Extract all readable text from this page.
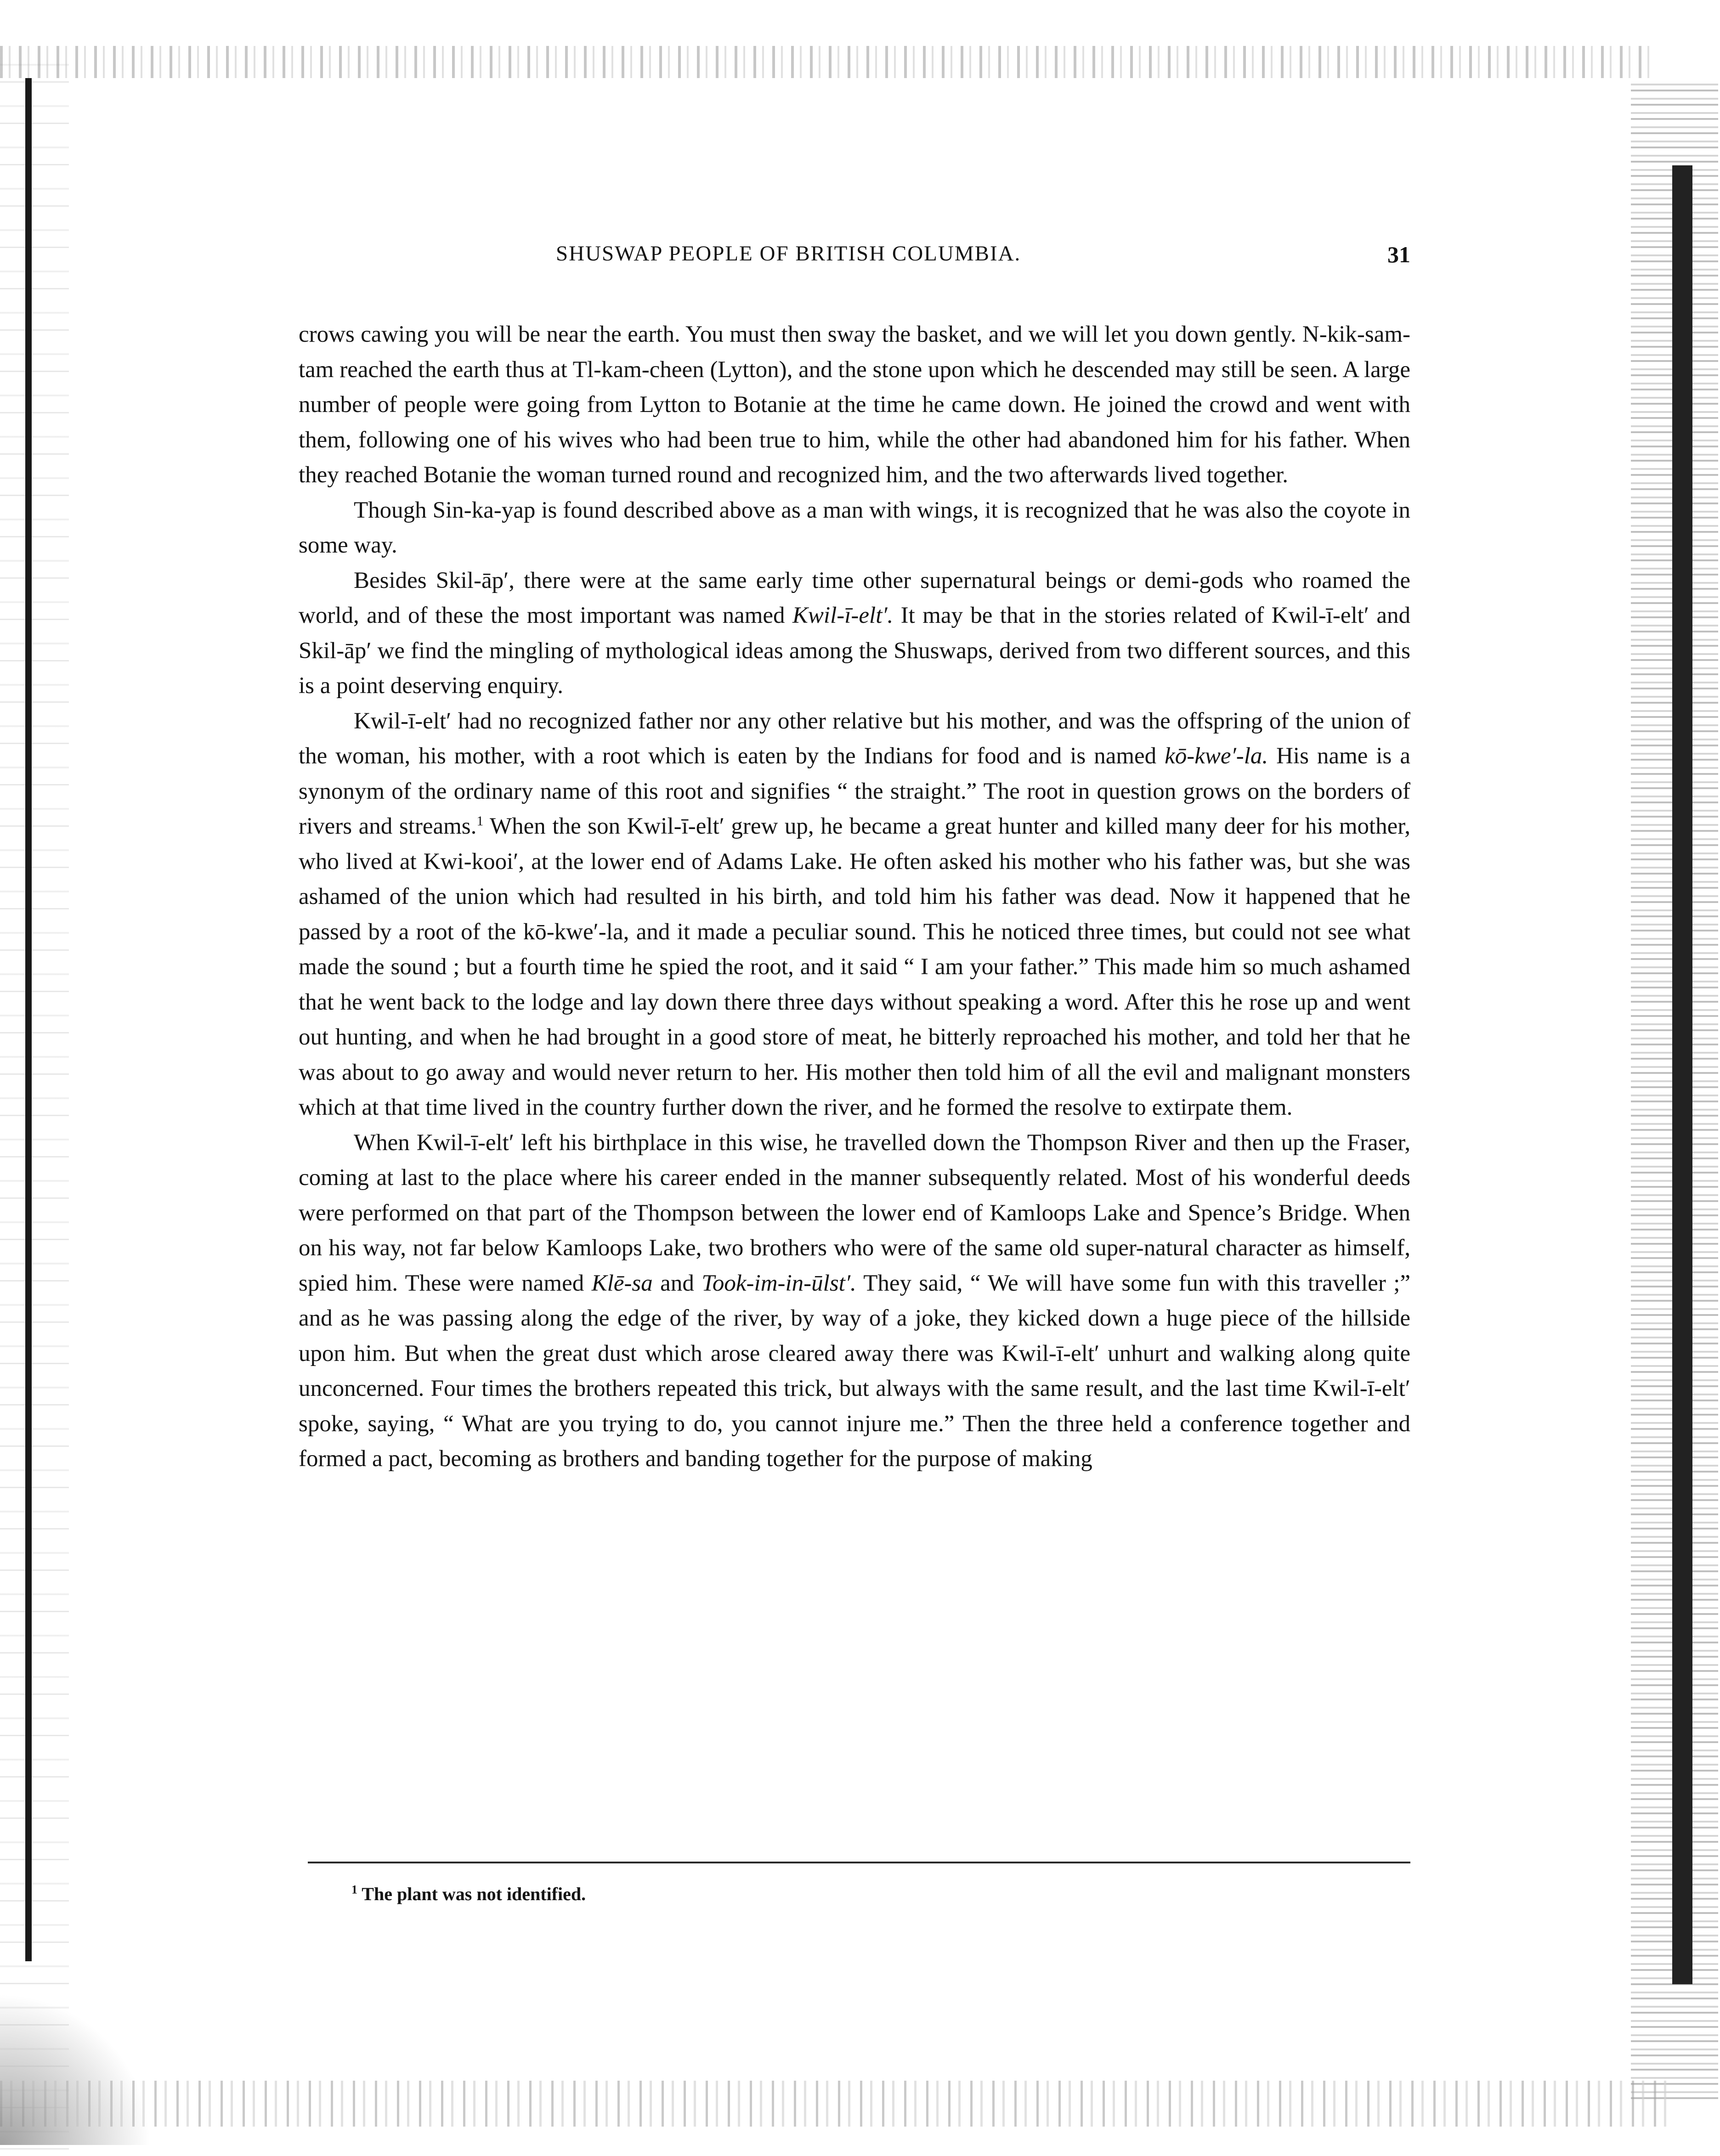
SHUSWAP PEOPLE OF BRITISH COLUMBIA.	31

crows cawing you will be near the earth. You must then sway the basket, and we will let you down gently. N-kik-sam-tam reached the earth thus at Tl-kam-cheen (Lytton), and the stone upon which he descended may still be seen. A large number of people were going from Lytton to Botanie at the time he came down. He joined the crowd and went with them, following one of his wives who had been true to him, while the other had abandoned him for his father. When they reached Botanie the woman turned round and recognized him, and the two afterwards lived together.

Though Sin-ka-yap is found described above as a man with wings, it is recognized that he was also the coyote in some way.

Besides Skil-āp′, there were at the same early time other supernatural beings or demi-gods who roamed the world, and of these the most important was named Kwil-ī-elt′. It may be that in the stories related of Kwil-ī-elt′ and Skil-āp′ we find the mingling of mythological ideas among the Shuswaps, derived from two different sources, and this is a point deserving enquiry.

Kwil-ī-elt′ had no recognized father nor any other relative but his mother, and was the offspring of the union of the woman, his mother, with a root which is eaten by the Indians for food and is named kō-kwe′-la. His name is a synonym of the ordinary name of this root and signifies “ the straight.” The root in question grows on the borders of rivers and streams.$^1$ When the son Kwil-ī-elt′ grew up, he became a great hunter and killed many deer for his mother, who lived at Kwi-kooi′, at the lower end of Adams Lake. He often asked his mother who his father was, but she was ashamed of the union which had resulted in his birth, and told him his father was dead. Now it happened that he passed by a root of the kō-kwe′-la, and it made a peculiar sound. This he noticed three times, but could not see what made the sound ; but a fourth time he spied the root, and it said “ I am your father.” This made him so much ashamed that he went back to the lodge and lay down there three days without speaking a word. After this he rose up and went out hunting, and when he had brought in a good store of meat, he bitterly reproached his mother, and told her that he was about to go away and would never return to her. His mother then told him of all the evil and malignant monsters which at that time lived in the country further down the river, and he formed the resolve to extirpate them.

When Kwil-ī-elt′ left his birthplace in this wise, he travelled down the Thompson River and then up the Fraser, coming at last to the place where his career ended in the manner subsequently related. Most of his wonderful deeds were performed on that part of the Thompson between the lower end of Kamloops Lake and Spence’s Bridge. When on his way, not far below Kamloops Lake, two brothers who were of the same old super-natural character as himself, spied him. These were named Klē-sa and Took-im-in-ūlst′. They said, “ We will have some fun with this traveller ;” and as he was passing along the edge of the river, by way of a joke, they kicked down a huge piece of the hillside upon him. But when the great dust which arose cleared away there was Kwil-ī-elt′ unhurt and walking along quite unconcerned. Four times the brothers repeated this trick, but always with the same result, and the last time Kwil-ī-elt′ spoke, saying, “ What are you trying to do, you cannot injure me.” Then the three held a conference together and formed a pact, becoming as brothers and banding together for the purpose of making

$^1$ The plant was not identified.
